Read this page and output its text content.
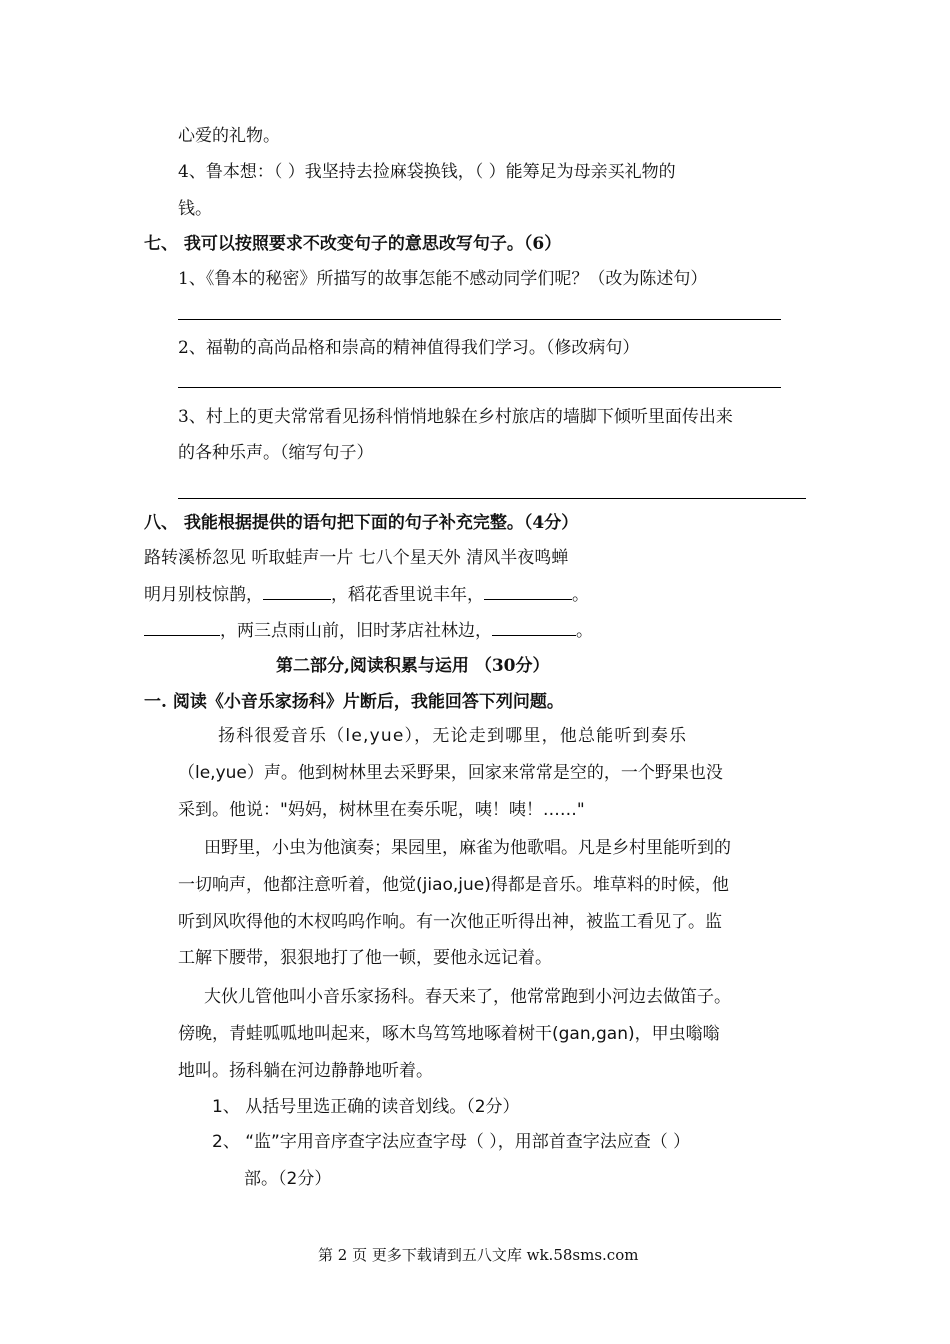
心爱的礼物。
4、鲁本想：（ ）我坚持去捡麻袋换钱，（ ）能筹足为母亲买礼物的
钱。
七、 我可以按照要求不改变句子的意思改写句子。（6）
1、《鲁本的秘密》所描写的故事怎能不感动同学们呢？（改为陈述句）
2、福勒的高尚品格和崇高的精神值得我们学习。（修改病句）
3、村上的更夫常常看见扬科悄悄地躲在乡村旅店的墙脚下倾听里面传出来
的各种乐声。（缩写句子）
八、 我能根据提供的语句把下面的句子补充完整。（4分）
路转溪桥忽见 听取蛙声一片 七八个星天外 清风半夜鸣蝉
明月别枝惊鹊，	，稻花香里说丰年，	。
，两三点雨山前，旧时茅店社林边，	。
第二部分,阅读积累与运用 （30分）
一. 阅读《小音乐家扬科》片断后，我能回答下列问题。
扬科很爱音乐（le,yue），无论走到哪里，他总能听到奏乐
（le,yue）声。他到树林里去采野果，回家来常常是空的，一个野果也没
采到。他说："妈妈，树林里在奏乐呢，咦！咦！……"
田野里，小虫为他演奏；果园里，麻雀为他歌唱。凡是乡村里能听到的
一切响声，他都注意听着，他觉(jiao,jue)得都是音乐。堆草料的时候，他
听到风吹得他的木杈呜呜作响。有一次他正听得出神，被监工看见了。监
工解下腰带，狠狠地打了他一顿，要他永远记着。
大伙儿管他叫小音乐家扬科。春天来了，他常常跑到小河边去做笛子。
傍晚，青蛙呱呱地叫起来，啄木鸟笃笃地啄着树干(gan,gan)，甲虫嗡嗡
地叫。扬科躺在河边静静地听着。
1、 从括号里选正确的读音划线。（2分）
2、 “监”字用音序查字法应查字母（ ），用部首查字法应查（ ）
部。（2分）
第 2 页 更多下载请到五八文库 wk.58sms.com
